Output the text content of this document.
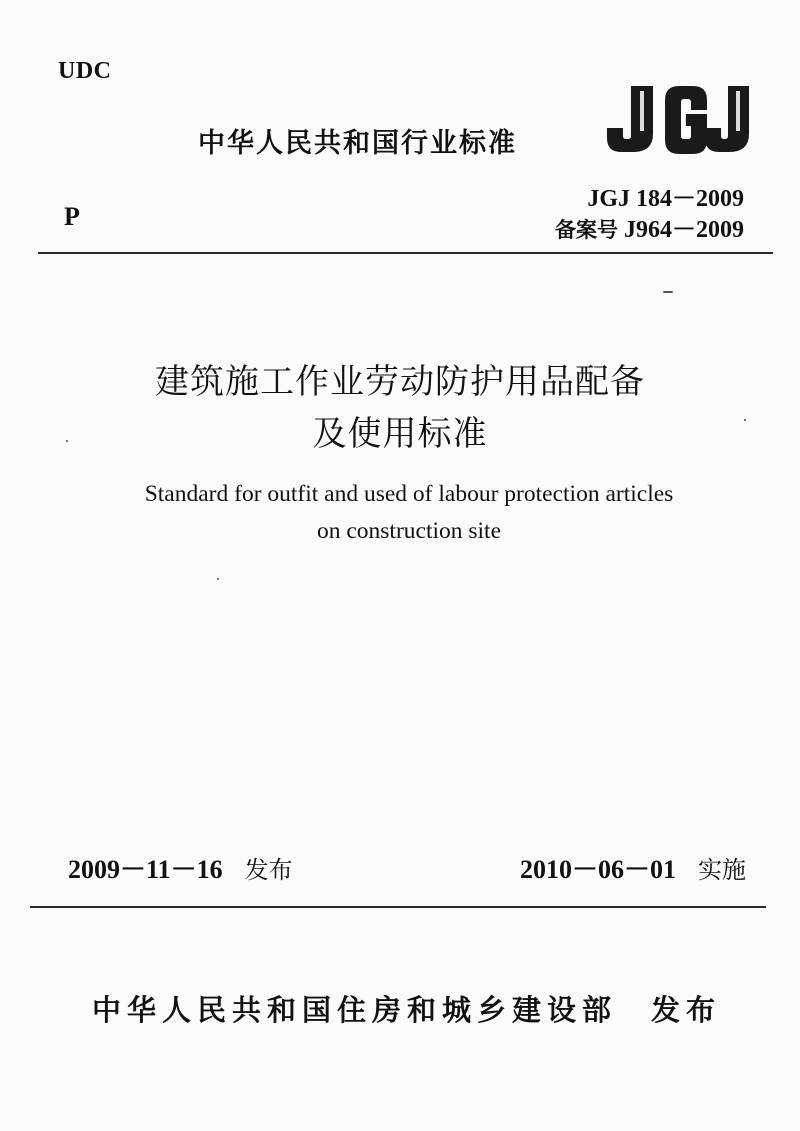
UDC
中华人民共和国行业标准
JGJ 184－2009
备案号 J964－2009
P
建筑施工作业劳动防护用品配备
及使用标准
Standard for outfit and used of labour protection articles
on construction site
2009－11－16 发布	2010－06－01 实施
中华人民共和国住房和城乡建设部 发布
